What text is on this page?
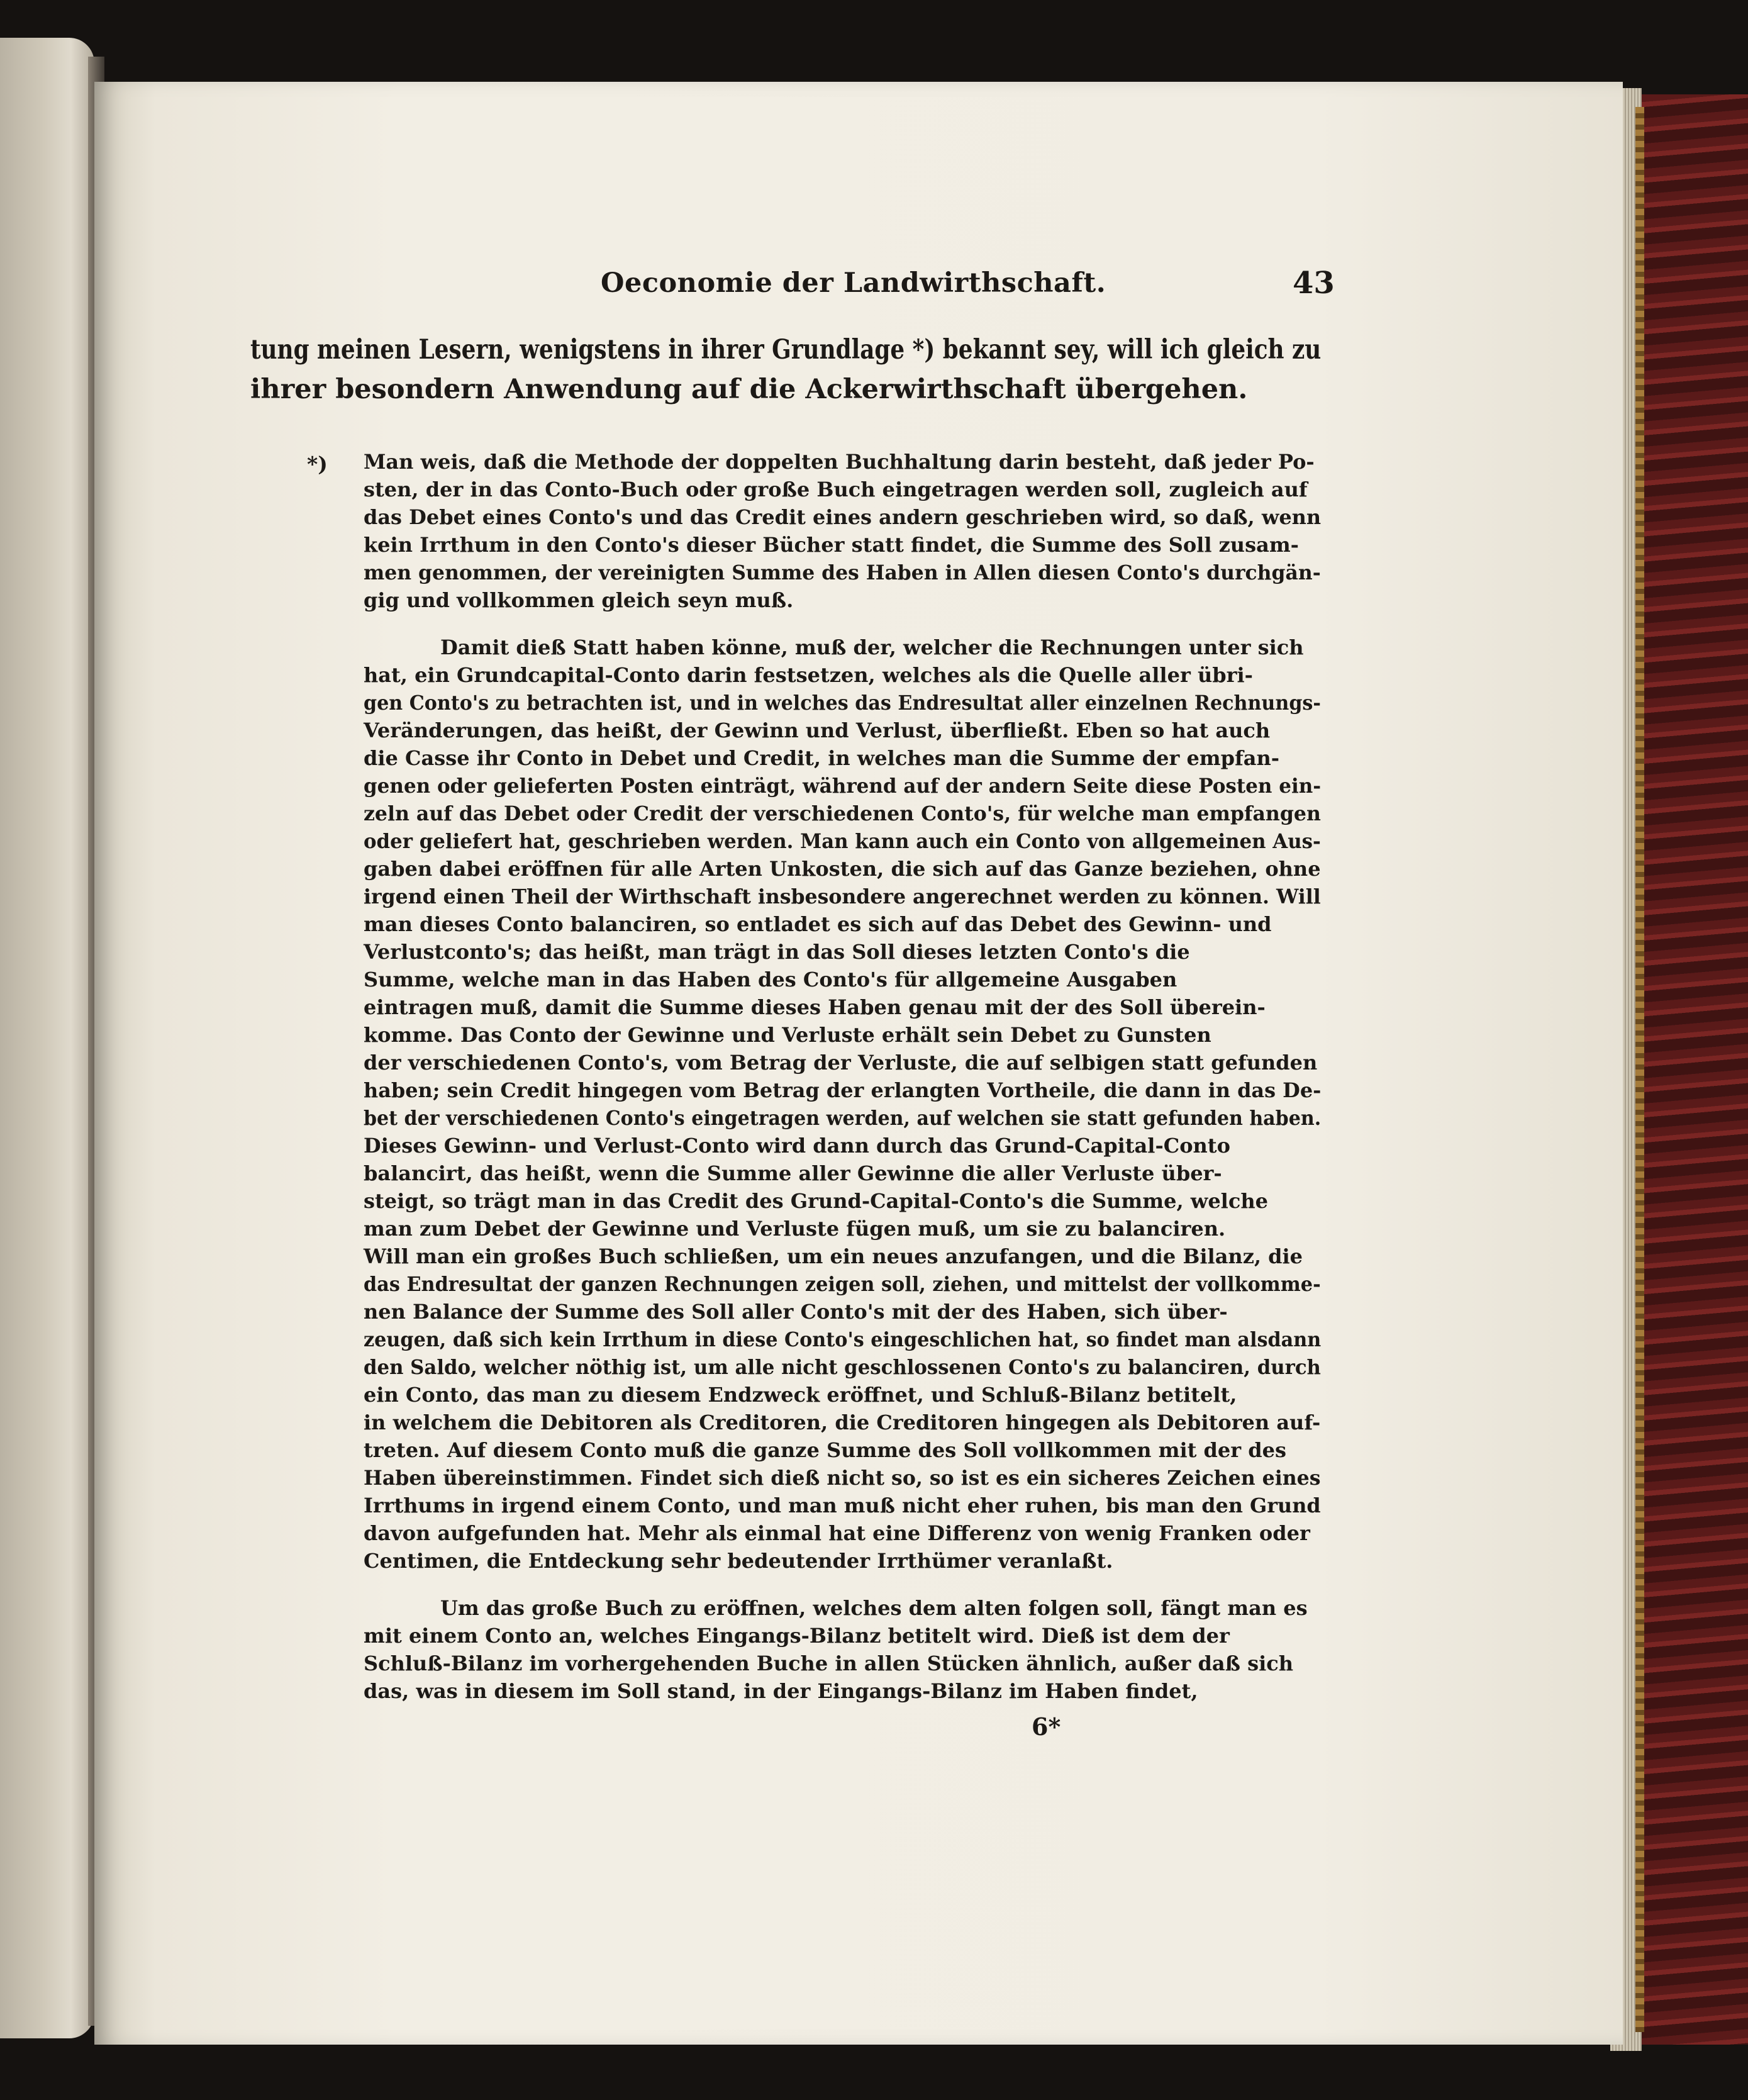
Oeconomie der Landwirthschaft.	43
tung meinen Lesern, wenigstens in ihrer Grundlage *) bekannt sey, will ich gleich zu
ihrer besondern Anwendung auf die Ackerwirthschaft übergehen.
*) Man weis, daß die Methode der doppelten Buchhaltung darin besteht, daß jeder Po-
sten, der in das Conto-Buch oder große Buch eingetragen werden soll, zugleich auf
das Debet eines Conto's und das Credit eines andern geschrieben wird, so daß, wenn
kein Irrthum in den Conto's dieser Bücher statt findet, die Summe des Soll zusam-
men genommen, der vereinigten Summe des Haben in Allen diesen Conto's durchgän-
gig und vollkommen gleich seyn muß.
Damit dieß Statt haben könne, muß der, welcher die Rechnungen unter sich
hat, ein Grundcapital-Conto darin festsetzen, welches als die Quelle aller übri-
gen Conto's zu betrachten ist, und in welches das Endresultat aller einzelnen Rechnungs-
Veränderungen, das heißt, der Gewinn und Verlust, überfließt. Eben so hat auch
die Casse ihr Conto in Debet und Credit, in welches man die Summe der empfan-
genen oder gelieferten Posten einträgt, während auf der andern Seite diese Posten ein-
zeln auf das Debet oder Credit der verschiedenen Conto's, für welche man empfangen
oder geliefert hat, geschrieben werden. Man kann auch ein Conto von allgemeinen Aus-
gaben dabei eröffnen für alle Arten Unkosten, die sich auf das Ganze beziehen, ohne
irgend einen Theil der Wirthschaft insbesondere angerechnet werden zu können. Will
man dieses Conto balanciren, so entladet es sich auf das Debet des Gewinn- und
Verlustconto's; das heißt, man trägt in das Soll dieses letzten Conto's die
Summe, welche man in das Haben des Conto's für allgemeine Ausgaben
eintragen muß, damit die Summe dieses Haben genau mit der des Soll überein-
komme. Das Conto der Gewinne und Verluste erhält sein Debet zu Gunsten
der verschiedenen Conto's, vom Betrag der Verluste, die auf selbigen statt gefunden
haben; sein Credit hingegen vom Betrag der erlangten Vortheile, die dann in das De-
bet der verschiedenen Conto's eingetragen werden, auf welchen sie statt gefunden haben.
Dieses Gewinn- und Verlust-Conto wird dann durch das Grund-Capital-Conto
balancirt, das heißt, wenn die Summe aller Gewinne die aller Verluste über-
steigt, so trägt man in das Credit des Grund-Capital-Conto's die Summe, welche
man zum Debet der Gewinne und Verluste fügen muß, um sie zu balanciren.
Will man ein großes Buch schließen, um ein neues anzufangen, und die Bilanz, die
das Endresultat der ganzen Rechnungen zeigen soll, ziehen, und mittelst der vollkomme-
nen Balance der Summe des Soll aller Conto's mit der des Haben, sich über-
zeugen, daß sich kein Irrthum in diese Conto's eingeschlichen hat, so findet man alsdann
den Saldo, welcher nöthig ist, um alle nicht geschlossenen Conto's zu balanciren, durch
ein Conto, das man zu diesem Endzweck eröffnet, und Schluß-Bilanz betitelt,
in welchem die Debitoren als Creditoren, die Creditoren hingegen als Debitoren auf-
treten. Auf diesem Conto muß die ganze Summe des Soll vollkommen mit der des
Haben übereinstimmen. Findet sich dieß nicht so, so ist es ein sicheres Zeichen eines
Irrthums in irgend einem Conto, und man muß nicht eher ruhen, bis man den Grund
davon aufgefunden hat. Mehr als einmal hat eine Differenz von wenig Franken oder
Centimen, die Entdeckung sehr bedeutender Irrthümer veranlaßt.
Um das große Buch zu eröffnen, welches dem alten folgen soll, fängt man es
mit einem Conto an, welches Eingangs-Bilanz betitelt wird. Dieß ist dem der
Schluß-Bilanz im vorhergehenden Buche in allen Stücken ähnlich, außer daß sich
das, was in diesem im Soll stand, in der Eingangs-Bilanz im Haben findet,
6*
